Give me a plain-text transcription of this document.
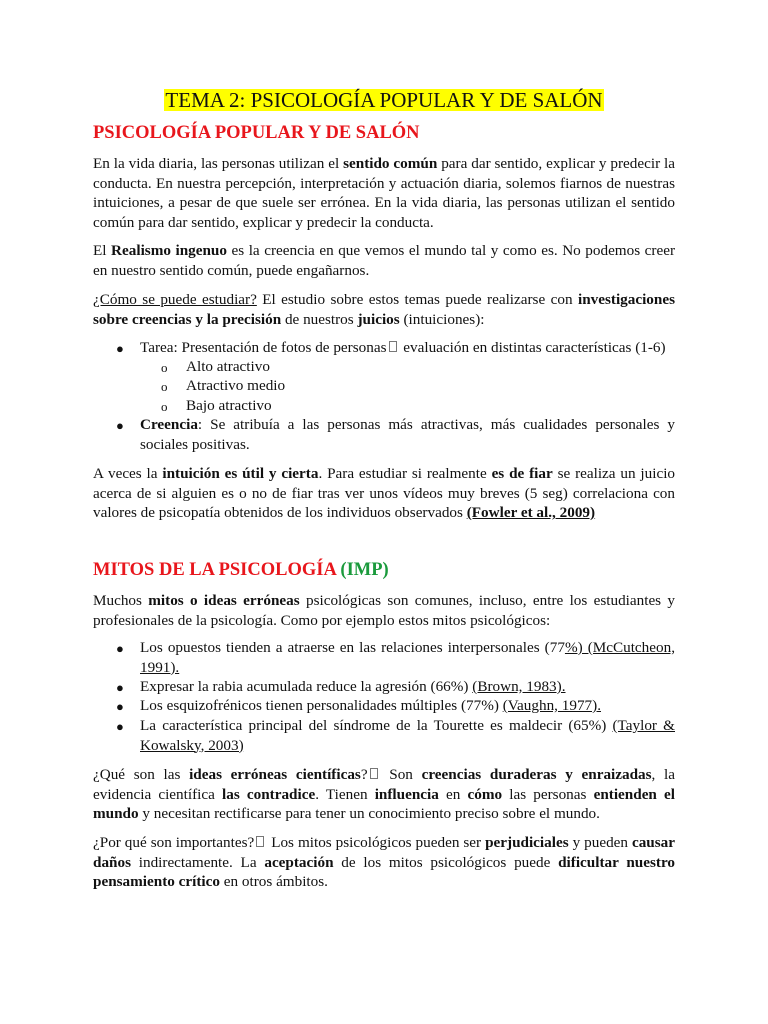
TEMA 2: PSICOLOGÍA POPULAR Y DE SALÓN
PSICOLOGÍA POPULAR Y DE SALÓN
En la vida diaria, las personas utilizan el sentido común para dar sentido, explicar y predecir la conducta. En nuestra percepción, interpretación y actuación diaria, solemos fiarnos de nuestras intuiciones, a pesar de que suele ser errónea. En la vida diaria, las personas utilizan el sentido común para dar sentido, explicar y predecir la conducta.
El Realismo ingenuo es la creencia en que vemos el mundo tal y como es. No podemos creer en nuestro sentido común, puede engañarnos.
¿Cómo se puede estudiar? El estudio sobre estos temas puede realizarse con investigaciones sobre creencias y la precisión de nuestros juicios (intuiciones):
● Tarea: Presentación de fotos de personas evaluación en distintas características (1-6)
o Alto atractivo
o Atractivo medio
o Bajo atractivo
● Creencia: Se atribuía a las personas más atractivas, más cualidades personales y sociales positivas.
A veces la intuición es útil y cierta. Para estudiar si realmente es de fiar se realiza un juicio acerca de si alguien es o no de fiar tras ver unos vídeos muy breves (5 seg) correlaciona con valores de psicopatía obtenidos de los individuos observados (Fowler et al., 2009)
MITOS DE LA PSICOLOGÍA (IMP)
Muchos mitos o ideas erróneas psicológicas son comunes, incluso, entre los estudiantes y profesionales de la psicología. Como por ejemplo estos mitos psicológicos:
● Los opuestos tienden a atraerse en las relaciones interpersonales (77%) (McCutcheon, 1991).
● Expresar la rabia acumulada reduce la agresión (66%) (Brown, 1983).
● Los esquizofrénicos tienen personalidades múltiples (77%) (Vaughn, 1977).
● La característica principal del síndrome de la Tourette es maldecir (65%) (Taylor & Kowalsky, 2003)
¿Qué son las ideas erróneas científicas? Son creencias duraderas y enraizadas, la evidencia científica las contradice. Tienen influencia en cómo las personas entienden el mundo y necesitan rectificarse para tener un conocimiento preciso sobre el mundo.
¿Por qué son importantes? Los mitos psicológicos pueden ser perjudiciales y pueden causar daños indirectamente. La aceptación de los mitos psicológicos puede dificultar nuestro pensamiento crítico en otros ámbitos.
